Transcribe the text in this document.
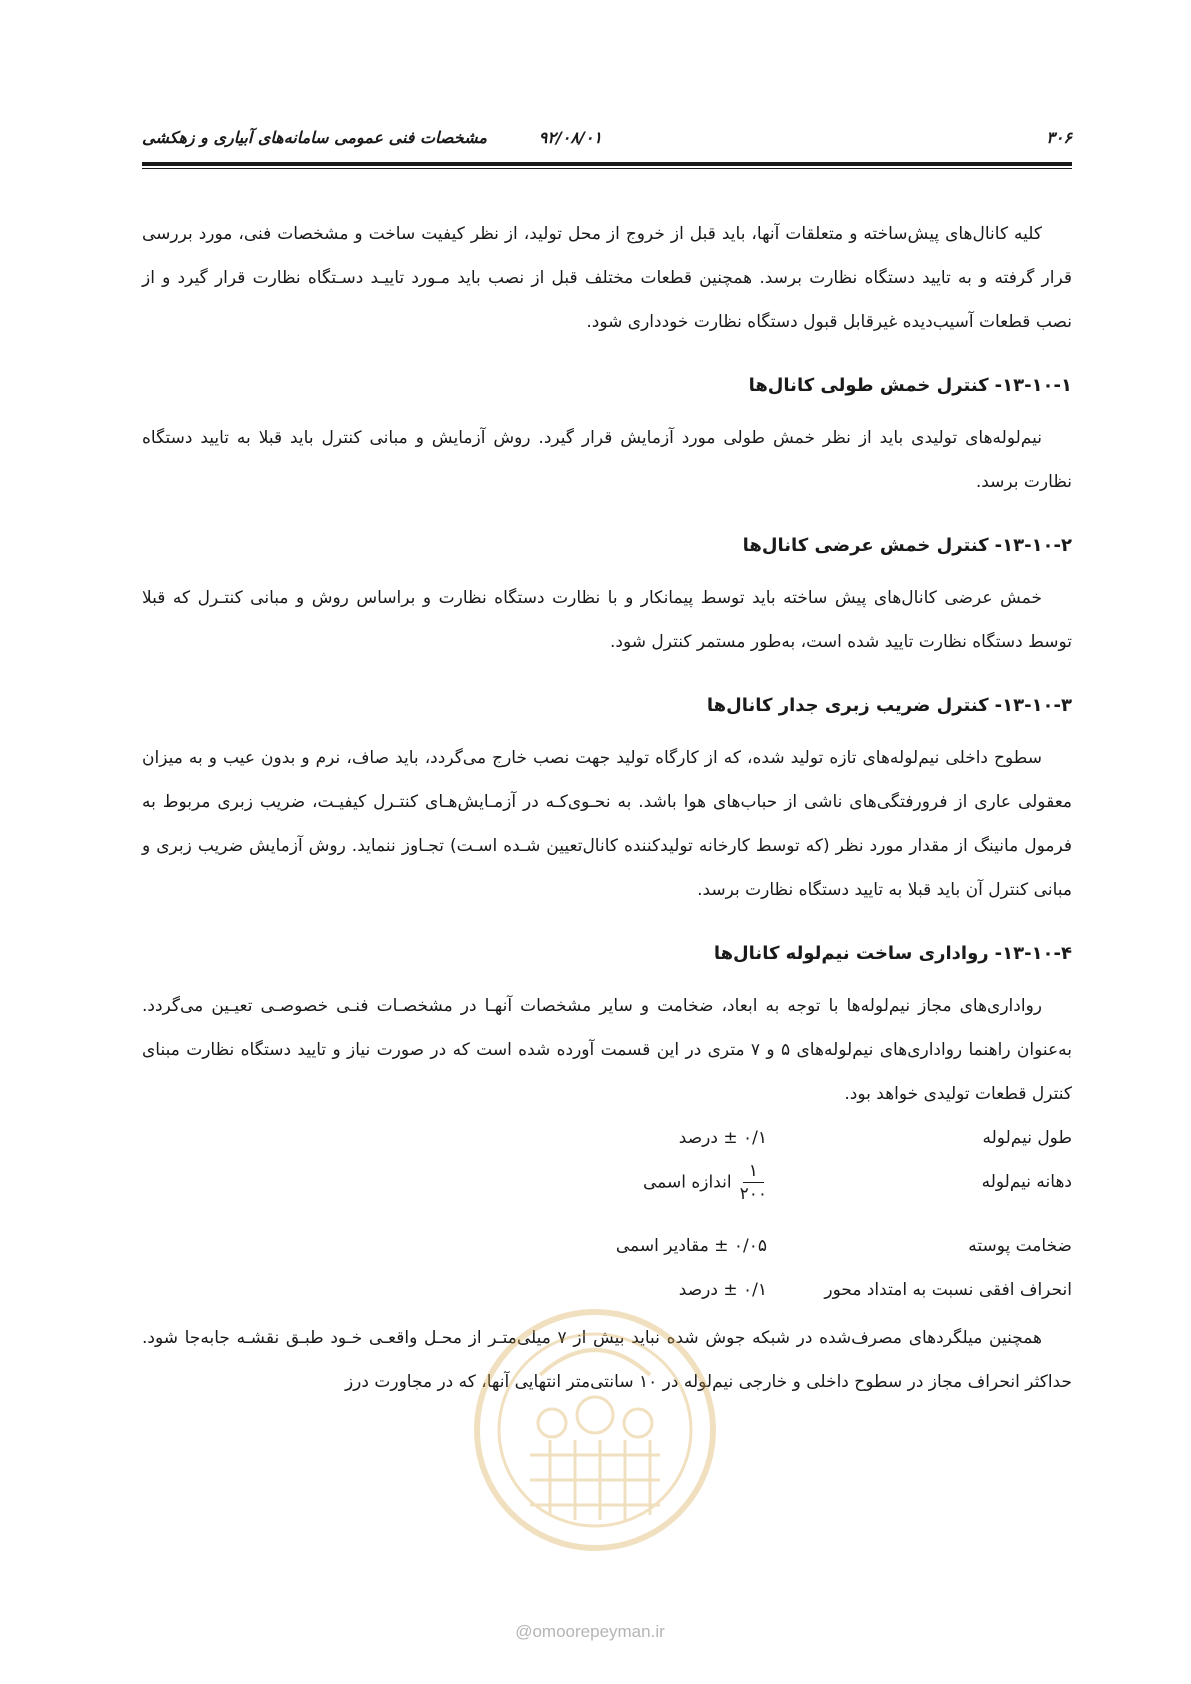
۳۰۶
۹۲/۰۸/۰۱
مشخصات فنی عمومی سامانه‌های آبیاری و زهکشی

کلیه کانال‌های پیش‌ساخته و متعلقات آنها، باید قبل از خروج از محل تولید، از نظر کیفیت ساخت و مشخصات فنی، مورد بررسی قرار گرفته و به تایید دستگاه نظارت برسد. همچنین قطعات مختلف قبل از نصب باید مـورد تاییـد دسـتگاه نظارت قرار گیرد و از نصب قطعات آسیب‌دیده غیرقابل قبول دستگاه نظارت خودداری شود.

۱۳-۱۰-۱-کنترل خمش طولی کانال‌ها

نیم‌لوله‌های تولیدی باید از نظر خمش طولی مورد آزمایش قرار گیرد. روش آزمایش و مبانی کنترل باید قبلا به تایید دستگاه نظارت برسد.

۱۳-۱۰-۲-کنترل خمش عرضی کانال‌ها

خمش عرضی کانال‌های پیش ساخته باید توسط پیمانکار و با نظارت دستگاه نظارت و براساس روش و مبانی کنتـرل که قبلا توسط دستگاه نظارت تایید شده است، به‌طور مستمر کنترل شود.

۱۳-۱۰-۳-کنترل ضریب زبری جدار کانال‌ها

سطوح داخلی نیم‌لوله‌های تازه تولید شده، که از کارگاه تولید جهت نصب خارج می‌گردد، باید صاف، نرم و بدون عیب و به میزان معقولی عاری از فرورفتگی‌های ناشی از حباب‌های هوا باشد. به نحـوی‌کـه در آزمـایش‌هـای کنتـرل کیفیـت، ضریب زبری مربوط به فرمول مانینگ از مقدار مورد نظر (که توسط کارخانه تولیدکننده کانال‌تعیین شـده اسـت) تجـاوز ننماید. روش آزمایش ضریب زبری و مبانی کنترل آن باید قبلا به تایید دستگاه نظارت برسد.

۱۳-۱۰-۴-رواداری ساخت نیم‌لوله کانال‌ها

رواداری‌های مجاز نیم‌لوله‌ها با توجه به ابعاد، ضخامت و سایر مشخصات آنهـا در مشخصـات فنـی خصوصـی تعیـین می‌گردد. به‌عنوان راهنما رواداری‌های نیم‌لوله‌های ۵ و ۷ متری در این قسمت آورده شده است که در صورت نیاز و تایید دستگاه نظارت مبنای کنترل قطعات تولیدی خواهد بود.

طول نیم‌لوله
۰/۱ ± درصد
دهانه نیم‌لوله
$\frac{۱}{۲۰۰}$
اندازه اسمی
ضخامت پوسته
۰/۰۵ ± مقادیر اسمی
انحراف افقی نسبت به امتداد محور
۰/۱ ± درصد

همچنین میلگردهای مصرف‌شده در شبکه جوش شده نباید بیش از ۷ میلی‌متـر از محـل واقعـی خـود طبـق نقشـه جابه‌جا شود. حداکثر انحراف مجاز در سطوح داخلی و خارجی نیم‌لوله در ۱۰ سانتی‌متر انتهایی آنها، که در مجاورت درز

@omoorepeyman.ir
